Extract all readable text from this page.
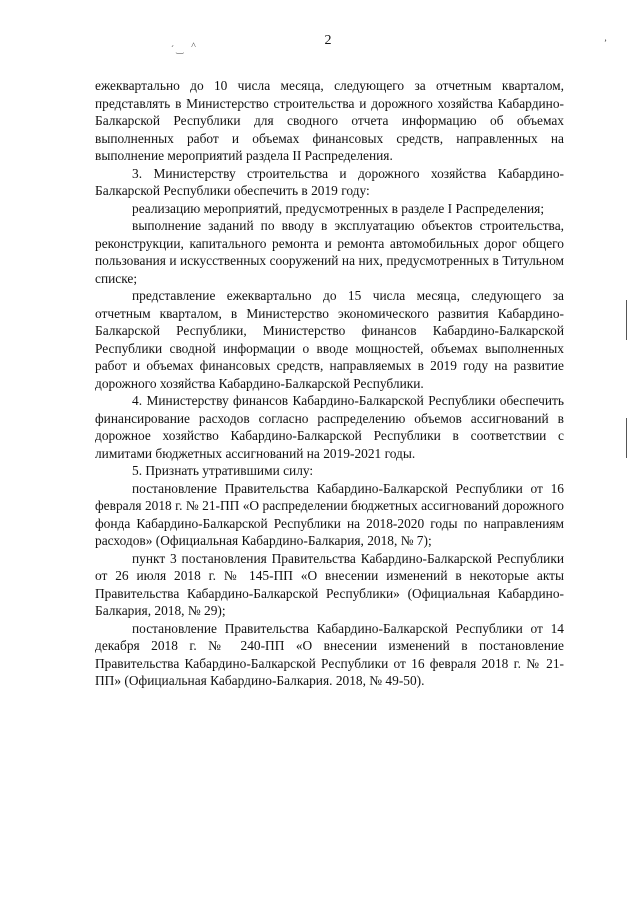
ˊ ‿ ˄	ʼ
2

ежеквартально до 10 числа месяца, следующего за отчетным кварталом, представлять в Министерство строительства и дорожного хозяйства Кабардино-Балкарской Республики для сводного отчета информацию об объемах выполненных работ и объемах финансовых средств, направленных на выполнение мероприятий раздела II Распределения.

3. Министерству строительства и дорожного хозяйства Кабардино-Балкарской Республики обеспечить в 2019 году:

реализацию мероприятий, предусмотренных в разделе I Распределения;

выполнение заданий по вводу в эксплуатацию объектов строительства, реконструкции, капитального ремонта и ремонта автомобильных дорог общего пользования и искусственных сооружений на них, предусмотренных в Титульном списке;

представление ежеквартально до 15 числа месяца, следующего за отчетным кварталом, в Министерство экономического развития Кабардино-Балкарской Республики, Министерство финансов Кабардино-Балкарской Республики сводной информации о вводе мощностей, объемах выполненных работ и объемах финансовых средств, направляемых в 2019 году на развитие дорожного хозяйства Кабардино-Балкарской Республики.

4. Министерству финансов Кабардино-Балкарской Республики обеспечить финансирование расходов согласно распределению объемов ассигнований в дорожное хозяйство Кабардино-Балкарской Республики в соответствии с лимитами бюджетных ассигнований на 2019-2021 годы.

5. Признать утратившими силу:

постановление Правительства Кабардино-Балкарской Республики от 16 февраля 2018 г. № 21-ПП «О распределении бюджетных ассигнований дорожного фонда Кабардино-Балкарской Республики на 2018-2020 годы по направлениям расходов» (Официальная Кабардино-Балкария, 2018, № 7);

пункт 3 постановления Правительства Кабардино-Балкарской Республики от 26 июля 2018 г. № 145-ПП «О внесении изменений в некоторые акты Правительства Кабардино-Балкарской Республики» (Официальная Кабардино-Балкария, 2018, № 29);

постановление Правительства Кабардино-Балкарской Республики от 14 декабря 2018 г. № 240-ПП «О внесении изменений в постановление Правительства Кабардино-Балкарской Республики от 16 февраля 2018 г. № 21-ПП» (Официальная Кабардино-Балкария. 2018, № 49-50).
